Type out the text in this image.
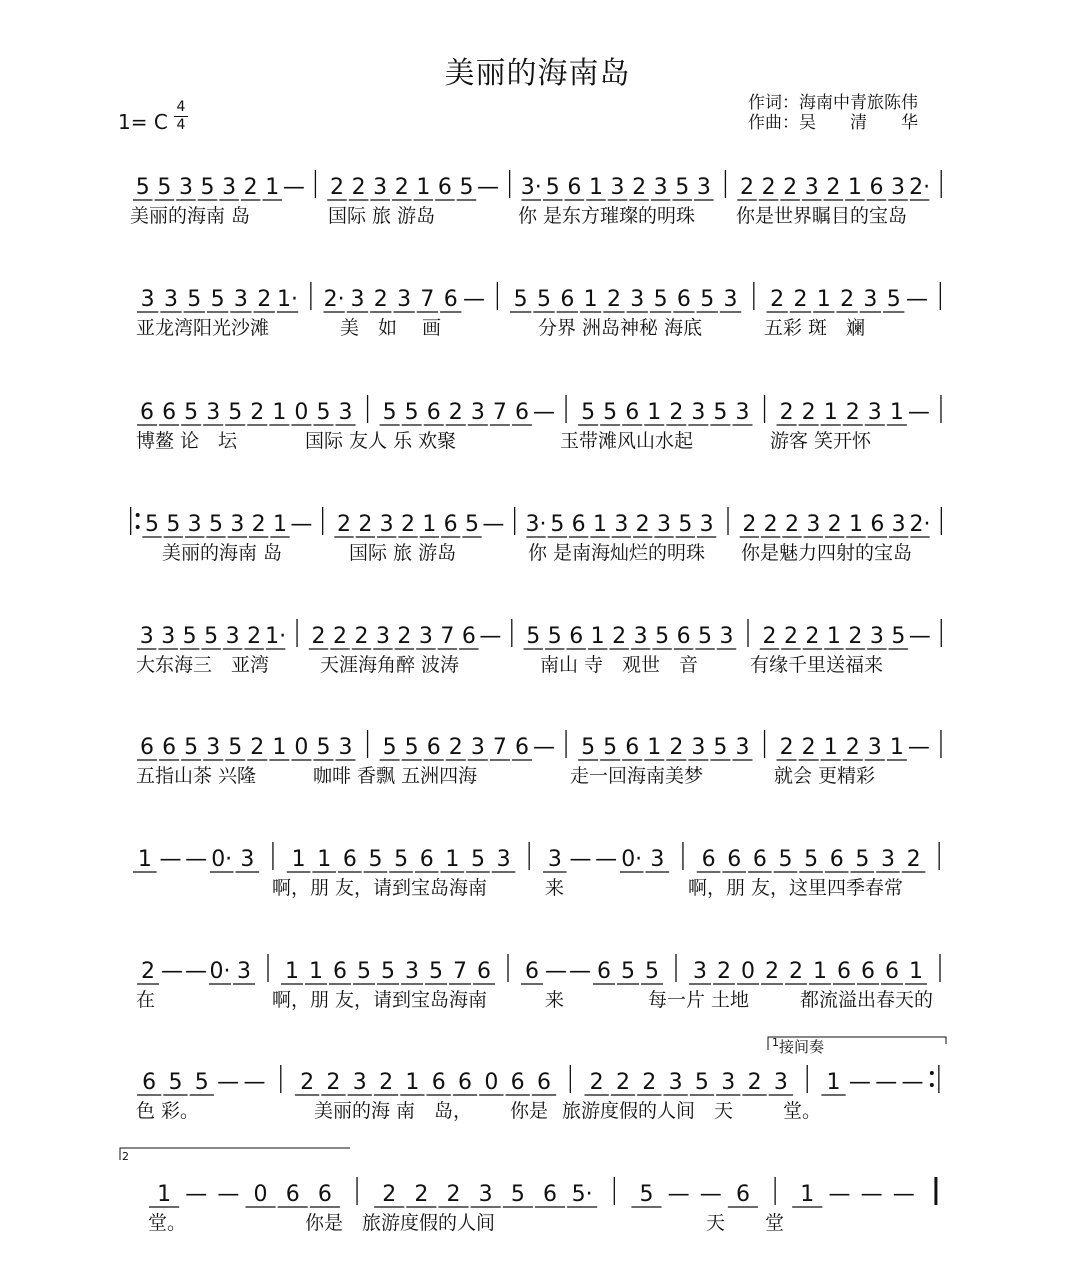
美丽的海南岛
1= C
4
4
作词：海南中青旅陈伟
作曲：吴　　清　　华
5 5 3 5 3 2 1 — 2 2 3 2 1 6 5 — 3· 5 6 1 3 2 3 5 3 2 2 2 3 2 1 6 3 2·
美丽的海南 岛	国际 旅 游岛	你 是东方璀璨的明珠 你是世界瞩目的宝岛
3 3 5 5 3 2 1· 2· 3 2 3 7 6 — 5 5 6 1 2 3 5 6 5 3 2 2 1 2 3 5 —
亚龙湾阳光沙滩	美　如　 画	分界 洲岛神秘 海底	五彩 斑　斓
6 6 5 3 5 2 1 0 5 3 5 5 6 2 3 7 6 — 5 5 6 1 2 3 5 3 2 2 1 2 3 1 —
博鳌 论　坛	国际 友人 乐 欢聚	玉带滩风山水起	游客 笑开怀
5 5 3 5 3 2 1 — 2 2 3 2 1 6 5 — 3· 5 6 1 3 2 3 5 3 2 2 2 3 2 1 6 3 2·
美丽的海南 岛	国际 旅 游岛	你 是南海灿烂的明珠 你是魅力四射的宝岛
3 3 5 5 3 2 1· 2 2 2 3 2 3 7 6 — 5 5 6 1 2 3 5 6 5 3 2 2 2 1 2 3 5 —
大东海三　亚湾	天涯海角醉 波涛	南山 寺　观世　音	有缘千里送福来
6 6 5 3 5 2 1 0 5 3 5 5 6 2 3 7 6 — 5 5 6 1 2 3 5 3 2 2 1 2 3 1 —
五指山茶 兴隆	咖啡 香飘 五洲四海	走一回海南美梦	就会 更精彩
1 — — 0· 3 1 1 6 5 5 6 1 5 3 3 — — 0· 3 6 6 6 5 5 6 5 3 2
啊，朋 友，请到宝岛海南	来	啊，朋 友，这里四季春常
2 — — 0· 3 1 1 6 5 5 3 5 7 6 6 — — 6 5 5 3 2 0 2 2 1 6 6 6 1
在	啊，朋 友，请到宝岛海南	来	每一片 土地	都流溢出春天的
6 5 5 — — 2 2 3 2 1 6 6 0 6 6 2 2 2 3 5 3 2 3 1 — — —
色 彩。	美丽的海 南　岛， 你是 旅游度假的人间　天	堂。
1 — — 0 6 6 2 2 2 3 5 6 5· 5 — — 6 1 — — —
堂。	你是 旅游度假的人间	天 堂
$^1$接间奏
2
